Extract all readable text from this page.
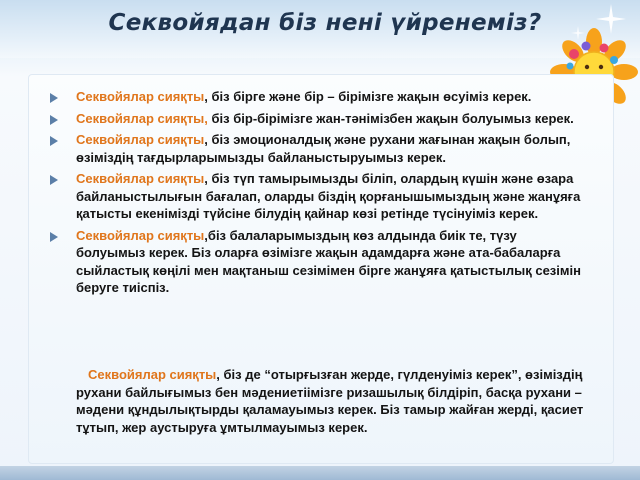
Секвойядан біз нені үйренеміз?
Секвойялар сияқты, біз бірге және бір – бірімізге жақын өсуіміз керек.
Секвойялар сияқты, біз бір-бірімізге жан-тәнімізбен жақын болуымыз керек.
Секвойялар сияқты, біз эмоционалдық және рухани жағынан жақын болып, өзіміздің тағдырларымызды байланыстыруымыз керек.
Секвойялар сияқты, біз түп тамырымызды біліп, олардың күшін және өзара байланыстылығын бағалап, оларды біздің қорғанышымыздың және жанұяға қатысты екенімізді түйсіне білудің қайнар көзі ретінде түсінуіміз керек.
Секвойялар сияқты,біз балаларымыздың көз алдында биік те, түзу болуымыз керек. Біз оларға өзімізге жақын адамдарға және ата-бабаларға сыйластық көңілі мен мақтаныш сезімімен бірге жанұяға қатыстылық сезімін беруге тиіспіз.

Секвойялар сияқты, біз де “отырғызған жерде, гүлденуіміз керек”, өзіміздің рухани байлығымыз бен мәдениетіімізге ризашылық білдіріп, басқа рухани – мәдени құндылықтырды қаламауымыз керек. Біз тамыр жайған жерді, қасиет тұтып, жер аустыруға ұмтылмауымыз керек.
